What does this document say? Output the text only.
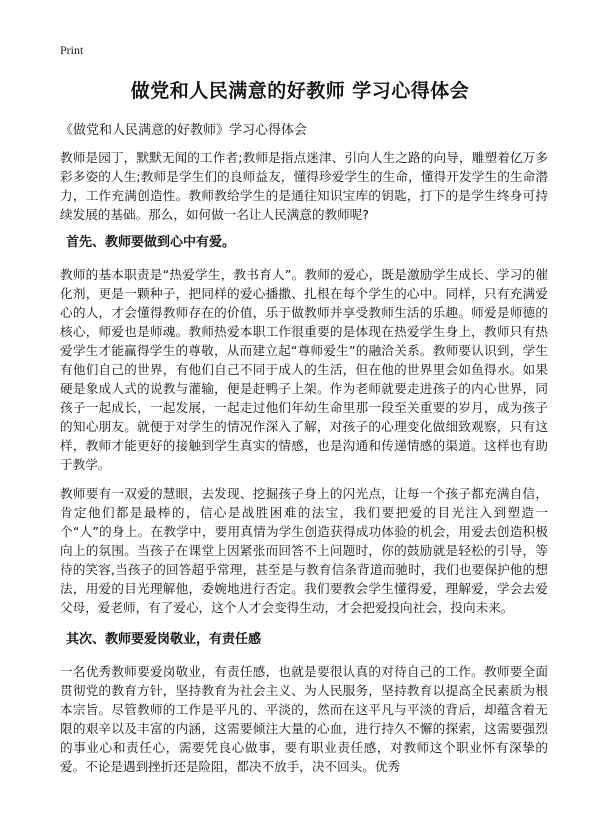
Print
做党和人民满意的好教师 学习心得体会

《做党和人民满意的好教师》学习心得体会

教师是园丁，默默无闻的工作者;教师是指点迷津、引向人生之路的向导，雕塑着亿万多彩多姿的人生;教师是学生们的良师益友，懂得珍爱学生的生命，懂得开发学生的生命潜力，工作充满创造性。教师教给学生的是通往知识宝库的钥匙，打下的是学生终身可持续发展的基础。那么，如何做一名让人民满意的教师呢?

首先、教师要做到心中有爱。

教师的基本职责是“热爱学生，教书育人”。教师的爱心，既是激励学生成长、学习的催化剂，更是一颗种子，把同样的爱心播撒、扎根在每个学生的心中。同样，只有充满爱心的人，才会懂得教师存在的价值，乐于做教师并享受教师生活的乐趣。师爱是师德的核心，师爱也是师魂。教师热爱本职工作很重要的是体现在热爱学生身上，教师只有热爱学生才能赢得学生的尊敬，从而建立起“尊师爱生”的融洽关系。教师要认识到，学生有他们自己的世界，有他们自己不同于成人的生活，但在他的世界里会如鱼得水。如果硬是象成人式的说教与灌输，便是赶鸭子上架。作为老师就要走进孩子的内心世界，同孩子一起成长，一起发展，一起走过他们年幼生命里那一段至关重要的岁月，成为孩子的知心朋友。就便于对学生的情况作深入了解，对孩子的心理变化做细致观察，只有这样，教师才能更好的接触到学生真实的情感，也是沟通和传递情感的渠道。这样也有助于教学。

教师要有一双爱的慧眼，去发现、挖掘孩子身上的闪光点，让每一个孩子都充满自信，肯定他们都是最棒的，信心是战胜困难的法宝，我们要把爱的目光注入到塑造一个“人”的身上。在教学中，要用真情为学生创造获得成功体验的机会，用爱去创造积极向上的氛围。当孩子在课堂上因紧张而回答不上问题时，你的鼓励就是轻松的引导，等待的笑容,当孩子的回答超乎常理，甚至是与教育信条背道而驰时，我们也要保护他的想法，用爱的目光理解他，委婉地进行否定。我们要教会学生懂得爱，理解爱，学会去爱父母，爱老师，有了爱心，这个人才会变得生动，才会把爱投向社会，投向未来。

其次、教师要爱岗敬业，有责任感

一名优秀教师要爱岗敬业，有责任感，也就是要很认真的对待自己的工作。教师要全面贯彻党的教育方针，坚持教育为社会主义、为人民服务，坚持教育以提高全民素质为根本宗旨。尽管教师的工作是平凡的、平淡的，然而在这平凡与平淡的背后，却蕴含着无限的艰辛以及丰富的内涵，这需要倾注大量的心血，进行持久不懈的探索，这需要强烈的事业心和责任心，需要凭良心做事，要有职业责任感，对教师这个职业怀有深挚的爱。不论是遇到挫折还是险阻，都决不放手，决不回头。优秀
